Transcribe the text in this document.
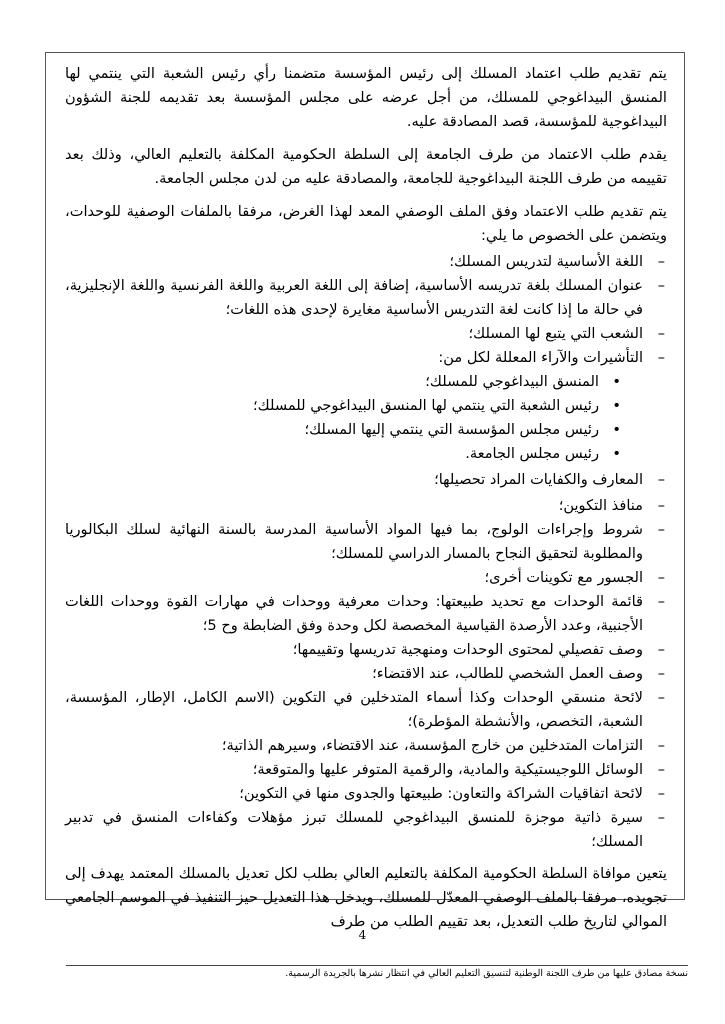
يتم تقديم طلب اعتماد المسلك إلى رئيس المؤسسة متضمنا رأي رئيس الشعبة التي ينتمي لها المنسق البيداغوجي للمسلك، من أجل عرضه على مجلس المؤسسة بعد تقديمه للجنة الشؤون البيداغوجية للمؤسسة، قصد المصادقة عليه.

يقدم طلب الاعتماد من طرف الجامعة إلى السلطة الحكومية المكلفة بالتعليم العالي، وذلك بعد تقييمه من طرف اللجنة البيداغوجية للجامعة، والمصادقة عليه من لدن مجلس الجامعة.

يتم تقديم طلب الاعتماد وفق الملف الوصفي المعد لهذا الغرض، مرفقا بالملفات الوصفية للوحدات، ويتضمن على الخصوص ما يلي:

– اللغة الأساسية لتدريس المسلك؛
– عنوان المسلك بلغة تدريسه الأساسية، إضافة إلى اللغة العربية واللغة الفرنسية واللغة الإنجليزية، في حالة ما إذا كانت لغة التدريس الأساسية مغايرة لإحدى هذه اللغات؛
– الشعب التي يتبع لها المسلك؛
– التأشيرات والآراء المعللة لكل من:
• المنسق البيداغوجي للمسلك؛
• رئيس الشعبة التي ينتمي لها المنسق البيداغوجي للمسلك؛
• رئيس مجلس المؤسسة التي ينتمي إليها المسلك؛
• رئيس مجلس الجامعة.
– المعارف والكفايات المراد تحصيلها؛
– منافذ التكوين؛
– شروط وإجراءات الولوج، بما فيها المواد الأساسية المدرسة بالسنة النهائية لسلك البكالوريا والمطلوبة لتحقيق النجاح بالمسار الدراسي للمسلك؛
– الجسور مع تكوينات أخرى؛
– قائمة الوحدات مع تحديد طبيعتها: وحدات معرفية ووحدات في مهارات القوة ووحدات اللغات الأجنبية، وعدد الأرصدة القياسية المخصصة لكل وحدة وفق الضابطة وح 5؛
– وصف تفصيلي لمحتوى الوحدات ومنهجية تدريسها وتقييمها؛
– وصف العمل الشخصي للطالب، عند الاقتضاء؛
– لائحة منسقي الوحدات وكذا أسماء المتدخلين في التكوين (الاسم الكامل، الإطار، المؤسسة، الشعبة، التخصص، والأنشطة المؤطرة)؛
– التزامات المتدخلين من خارج المؤسسة، عند الاقتضاء، وسيرهم الذاتية؛
– الوسائل اللوجيستيكية والمادية، والرقمية المتوفر عليها والمتوقعة؛
– لائحة اتفاقيات الشراكة والتعاون: طبيعتها والجدوى منها في التكوين؛
– سيرة ذاتية موجزة للمنسق البيداغوجي للمسلك تبرز مؤهلات وكفاءات المنسق في تدبير المسلك؛

يتعين موافاة السلطة الحكومية المكلفة بالتعليم العالي بطلب لكل تعديل بالمسلك المعتمد يهدف إلى تجويده، مرفقا بالملف الوصفي المعدّل للمسلك، ويدخل هذا التعديل حيز التنفيذ في الموسم الجامعي الموالي لتاريخ طلب التعديل، بعد تقييم الطلب من طرف

4
نسخة مصادق عليها من طرف اللجنة الوطنية لتنسيق التعليم العالي في انتظار نشرها بالجريدة الرسمية.
